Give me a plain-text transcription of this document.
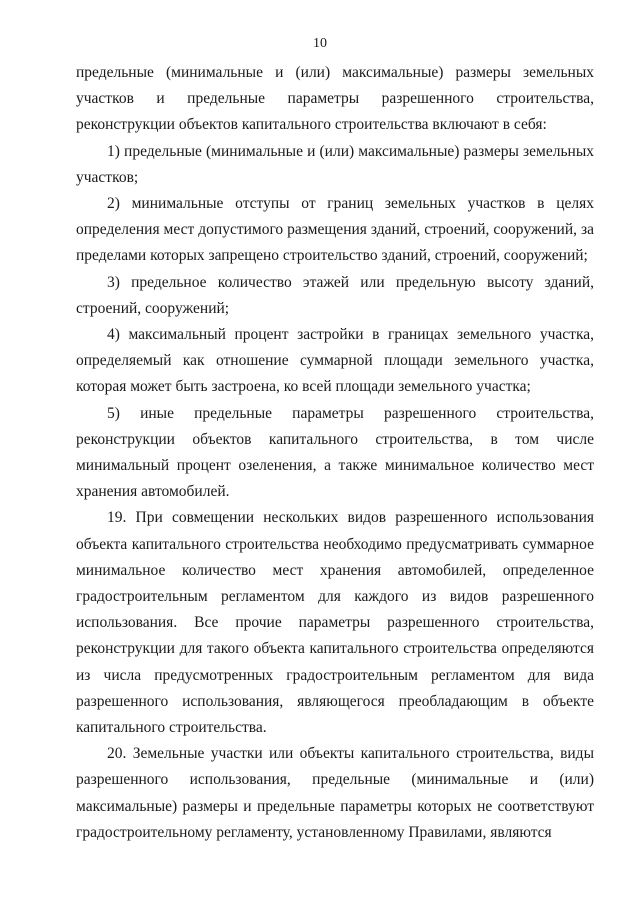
10

предельные (минимальные и (или) максимальные) размеры земельных участков и предельные параметры разрешенного строительства, реконструкции объектов капитального строительства включают в себя:

1) предельные (минимальные и (или) максимальные) размеры земельных участков;

2) минимальные отступы от границ земельных участков в целях определения мест допустимого размещения зданий, строений, сооружений, за пределами которых запрещено строительство зданий, строений, сооружений;

3) предельное количество этажей или предельную высоту зданий, строений, сооружений;

4) максимальный процент застройки в границах земельного участка, определяемый как отношение суммарной площади земельного участка, которая может быть застроена, ко всей площади земельного участка;

5) иные предельные параметры разрешенного строительства, реконструкции объектов капитального строительства, в том числе минимальный процент озеленения, а также минимальное количество мест хранения автомобилей.

19. При совмещении нескольких видов разрешенного использования объекта капитального строительства необходимо предусматривать суммарное минимальное количество мест хранения автомобилей, определенное градостроительным регламентом для каждого из видов разрешенного использования. Все прочие параметры разрешенного строительства, реконструкции для такого объекта капитального строительства определяются из числа предусмотренных градостроительным регламентом для вида разрешенного использования, являющегося преобладающим в объекте капитального строительства.

20. Земельные участки или объекты капитального строительства, виды разрешенного использования, предельные (минимальные и (или) максимальные) размеры и предельные параметры которых не соответствуют градостроительному регламенту, установленному Правилами, являются
